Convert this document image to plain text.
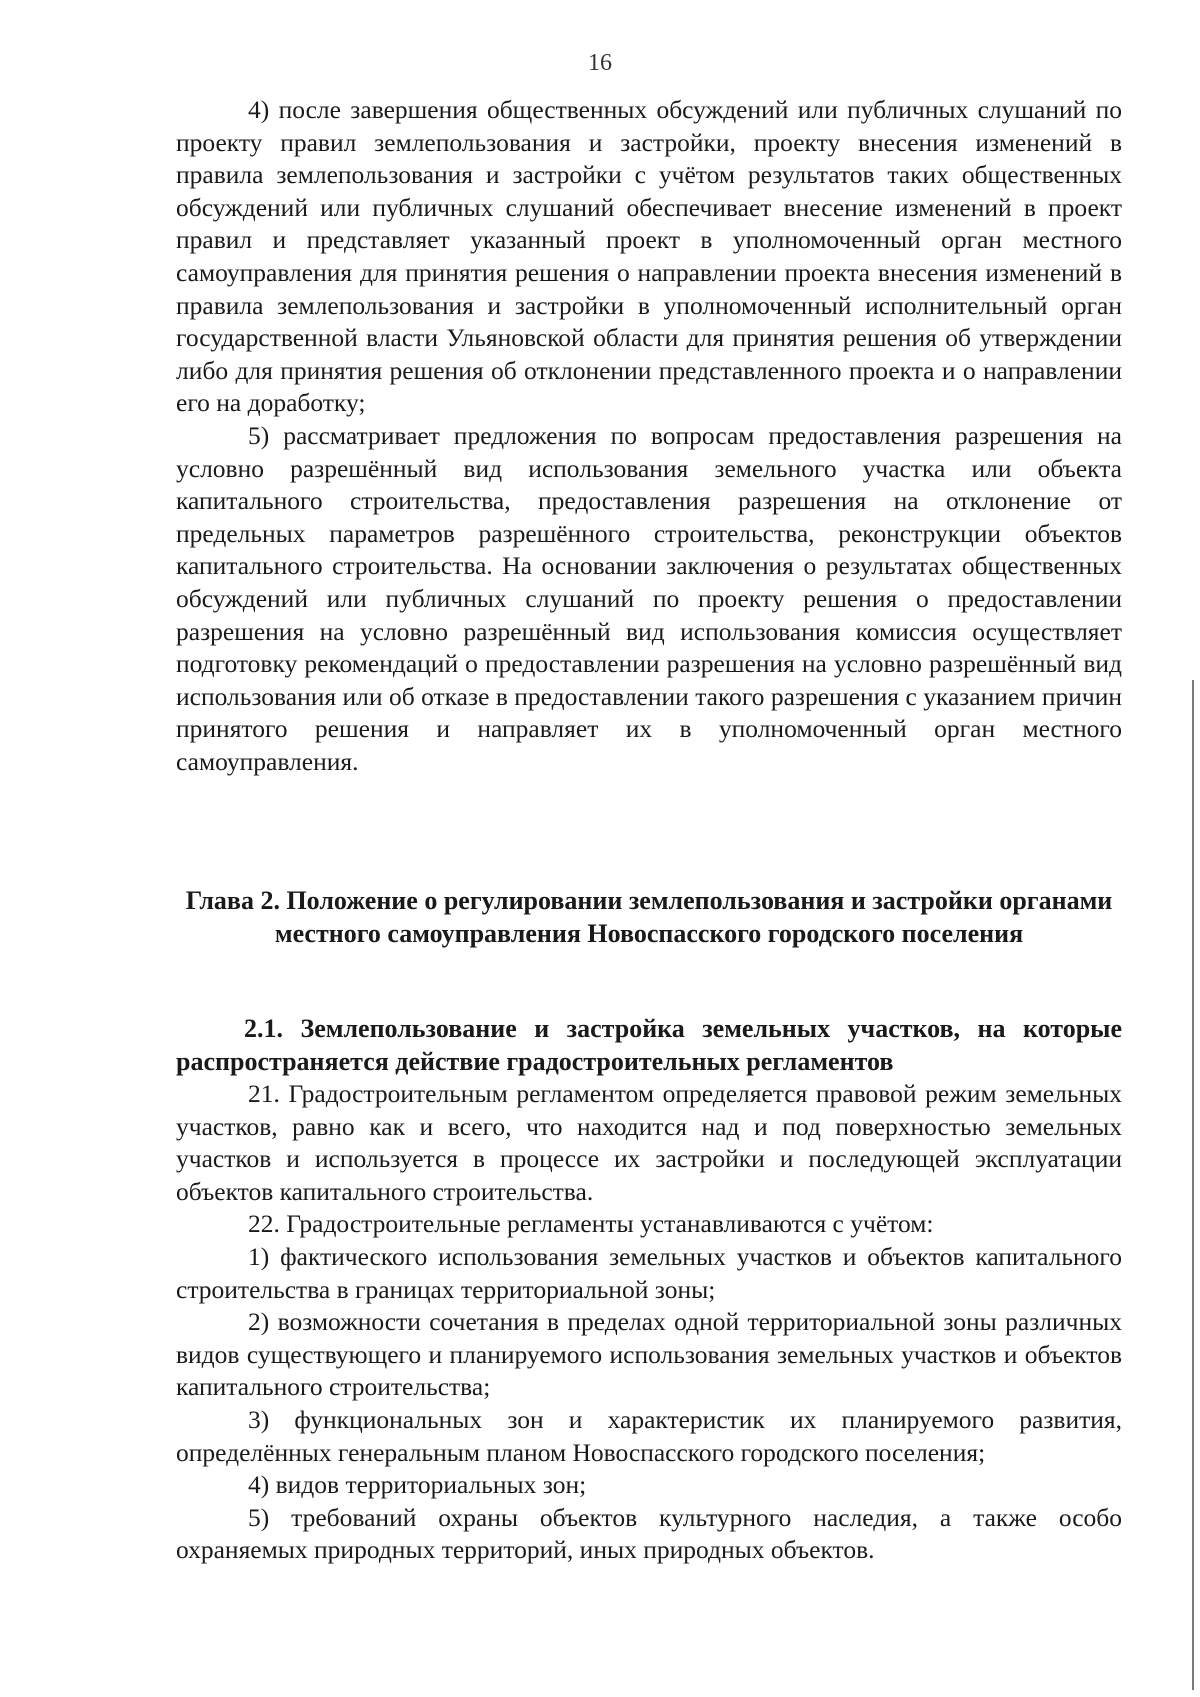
16

4) после завершения общественных обсуждений или публичных слушаний по проекту правил землепользования и застройки, проекту внесения изменений в правила землепользования и застройки с учётом результатов таких общественных обсуждений или публичных слушаний обеспечивает внесение изменений в проект правил и представляет указанный проект в уполномоченный орган местного самоуправления для принятия решения о направлении проекта внесения изменений в правила землепользования и застройки в уполномоченный исполнительный орган государственной власти Ульяновской области для принятия решения об утверждении либо для принятия решения об отклонении представленного проекта и о направлении его на доработку;

5) рассматривает предложения по вопросам предоставления разрешения на условно разрешённый вид использования земельного участка или объекта капитального строительства, предоставления разрешения на отклонение от предельных параметров разрешённого строительства, реконструкции объектов капитального строительства. На основании заключения о результатах общественных обсуждений или публичных слушаний по проекту решения о предоставлении разрешения на условно разрешённый вид использования комиссия осуществляет подготовку рекомендаций о предоставлении разрешения на условно разрешённый вид использования или об отказе в предоставлении такого разрешения с указанием причин принятого решения и направляет их в уполномоченный орган местного самоуправления.

Глава 2. Положение о регулировании землепользования и застройки органами местного самоуправления Новоспасского городского поселения
2.1. Землепользование и застройка земельных участков, на которые распространяется действие градостроительных регламентов

21. Градостроительным регламентом определяется правовой режим земельных участков, равно как и всего, что находится над и под поверхностью земельных участков и используется в процессе их застройки и последующей эксплуатации объектов капитального строительства.

22. Градостроительные регламенты устанавливаются с учётом:

1) фактического использования земельных участков и объектов капитального строительства в границах территориальной зоны;

2) возможности сочетания в пределах одной территориальной зоны различных видов существующего и планируемого использования земельных участков и объектов капитального строительства;

3) функциональных зон и характеристик их планируемого развития, определённых генеральным планом Новоспасского городского поселения;

4) видов территориальных зон;

5) требований охраны объектов культурного наследия, а также особо охраняемых природных территорий, иных природных объектов.
